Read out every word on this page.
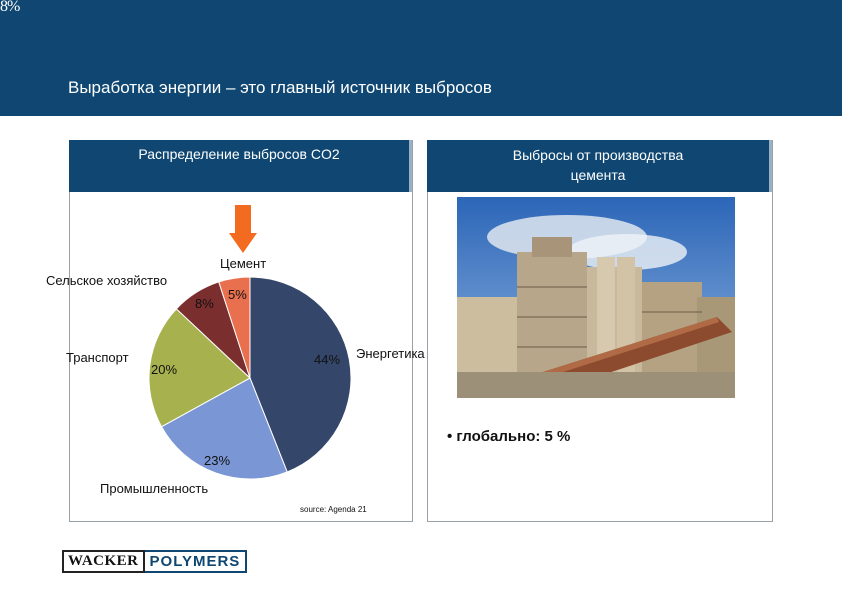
8%
Выработка энергии – это главный источник выбросов
Распределение выбросов CO2	Выбросы от производства
цемента
Цемент
Сельское хозяйство
Транспорт	Энергетика
Промышленность
5%
8%
20%
44%
23%
source: Agenda 21
• глобально: 5 %
WACKER POLYMERS
